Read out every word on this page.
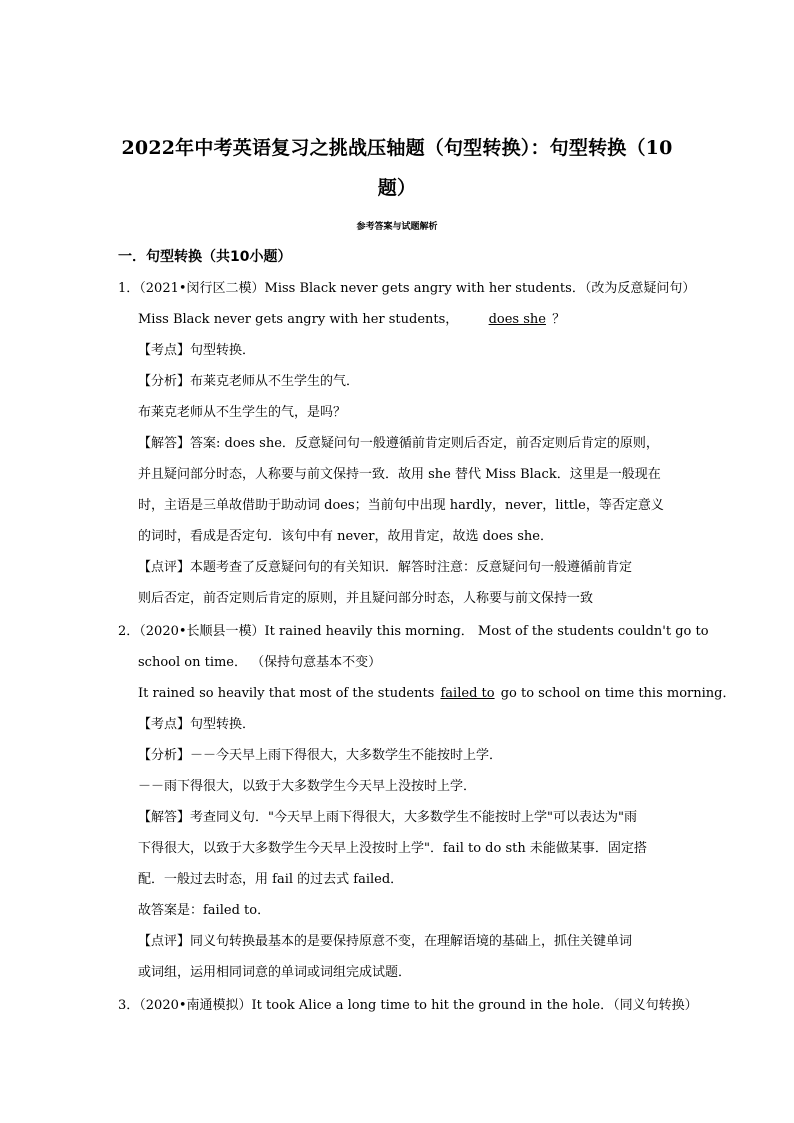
2022年中考英语复习之挑战压轴题（句型转换）：句型转换（10
题）
参考答案与试题解析
一．句型转换（共10小题）
1．（2021•闵行区二模）Miss Black never gets angry with her students．（改为反意疑问句）
Miss Black never gets angry with her students， does she ？
【考点】句型转换．
【分析】布莱克老师从不生学生的气．
布莱克老师从不生学生的气，是吗？
【解答】答案: does she．反意疑问句一般遵循前肯定则后否定，前否定则后肯定的原则，
并且疑问部分时态，人称要与前文保持一致．故用 she 替代 Miss Black．这里是一般现在
时，主语是三单故借助于助动词 does；当前句中出现 hardly，never，little，等否定意义
的词时，看成是否定句．该句中有 never，故用肯定，故选 does she．
【点评】本题考查了反意疑问句的有关知识．解答时注意：反意疑问句一般遵循前肯定
则后否定，前否定则后肯定的原则，并且疑问部分时态，人称要与前文保持一致
2．（2020•长顺县一模）It rained heavily this morning． Most of the students couldn't go to
school on time． （保持句意基本不变）
It rained so heavily that most of the students failed to go to school on time this morning．
【考点】句型转换．
【分析】－－今天早上雨下得很大，大多数学生不能按时上学．
－－雨下得很大，以致于大多数学生今天早上没按时上学．
【解答】考查同义句．"今天早上雨下得很大，大多数学生不能按时上学"可以表达为"雨
下得很大，以致于大多数学生今天早上没按时上学"．fail to do sth 未能做某事．固定搭
配．一般过去时态，用 fail 的过去式 failed．
故答案是：failed to．
【点评】同义句转换最基本的是要保持原意不变，在理解语境的基础上，抓住关键单词
或词组，运用相同词意的单词或词组完成试题．
3．（2020•南通模拟）It took Alice a long time to hit the ground in the hole．（同义句转换）
